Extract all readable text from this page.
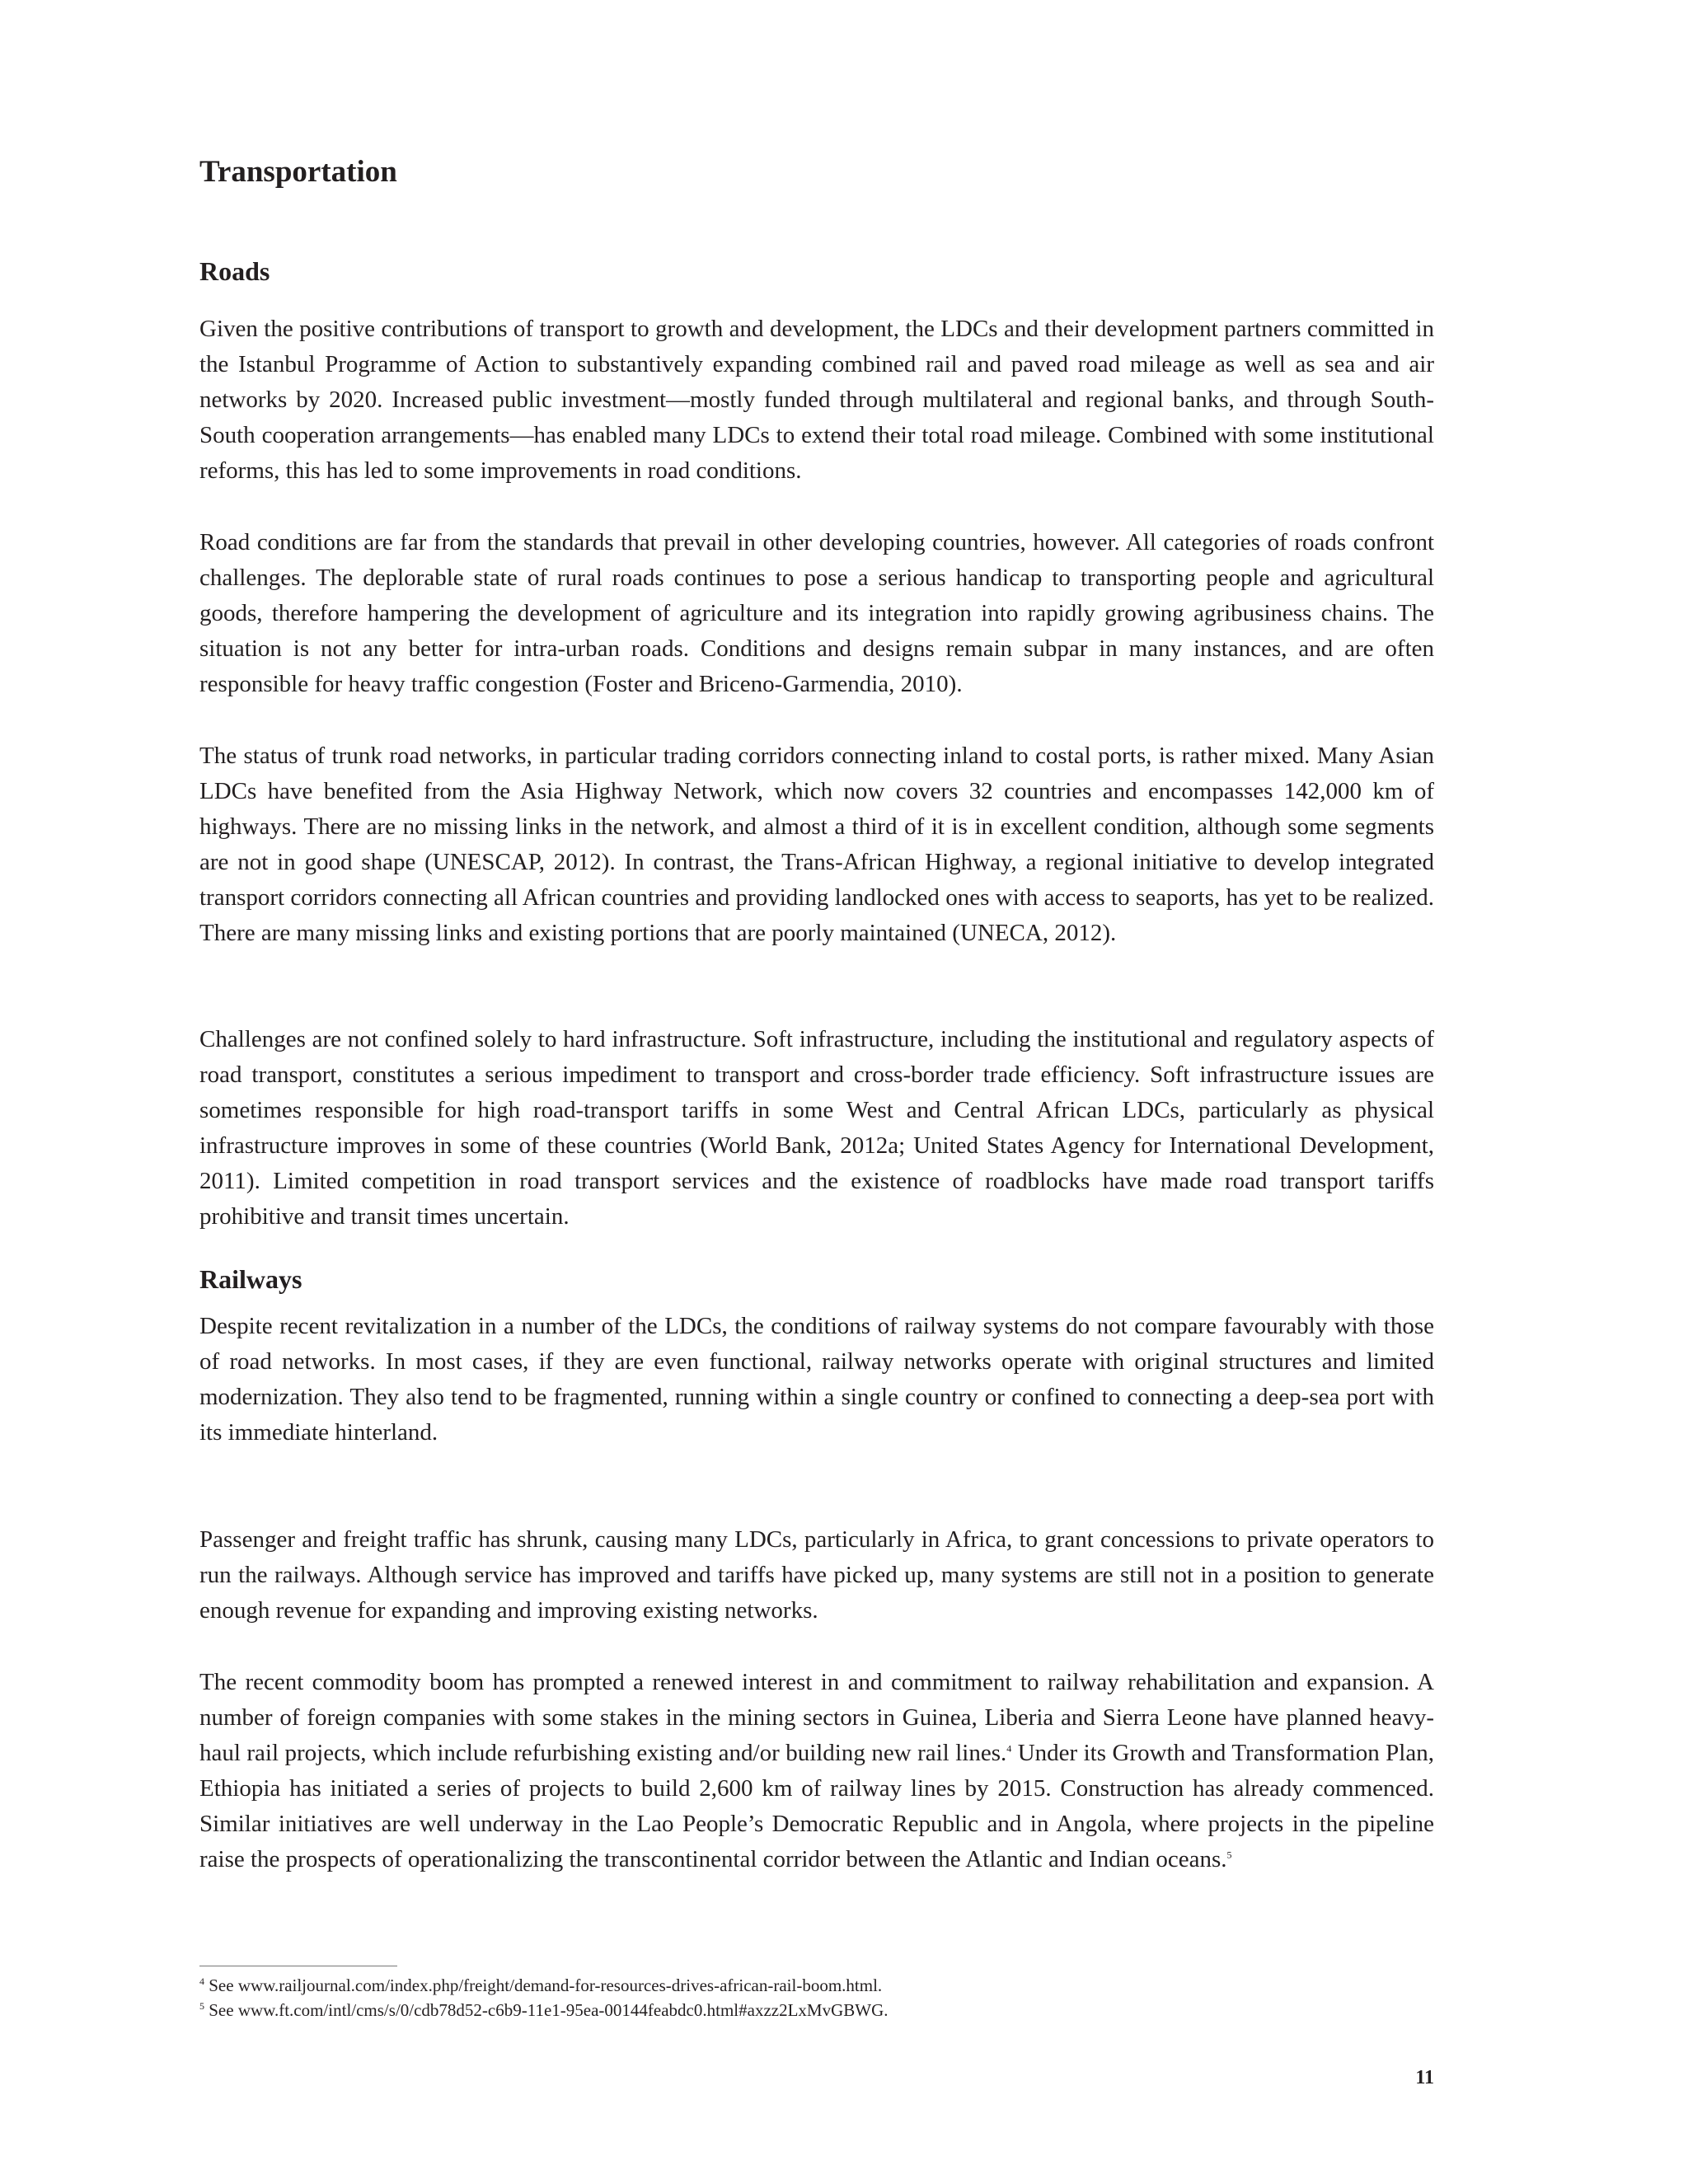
Transportation
Roads

Given the positive contributions of transport to growth and development, the LDCs and their development partners committed in the Istanbul Programme of Action to substantively expanding combined rail and paved road mileage as well as sea and air networks by 2020. Increased public investment—mostly funded through multilateral and regional banks, and through South-South cooperation arrangements—has enabled many LDCs to extend their total road mileage. Combined with some institutional reforms, this has led to some improvements in road conditions.

Road conditions are far from the standards that prevail in other developing countries, however. All categories of roads confront challenges. The deplorable state of rural roads continues to pose a serious handicap to transporting people and agricultural goods, therefore hampering the development of agriculture and its integration into rapidly growing agribusiness chains. The situation is not any better for intra-urban roads. Conditions and designs remain subpar in many instances, and are often responsible for heavy traffic congestion (Foster and Briceno-Garmendia, 2010).

The status of trunk road networks, in particular trading corridors connecting inland to costal ports, is rather mixed. Many Asian LDCs have benefited from the Asia Highway Network, which now covers 32 countries and encompasses 142,000 km of highways. There are no missing links in the network, and almost a third of it is in excellent condition, although some segments are not in good shape (UNESCAP, 2012). In contrast, the Trans-African Highway, a regional initiative to develop integrated transport corridors connecting all African countries and providing landlocked ones with access to seaports, has yet to be realized. There are many missing links and existing portions that are poorly maintained (UNECA, 2012).

Challenges are not confined solely to hard infrastructure. Soft infrastructure, including the institutional and regulatory aspects of road transport, constitutes a serious impediment to transport and cross-border trade efficiency. Soft infrastructure issues are sometimes responsible for high road-transport tariffs in some West and Central African LDCs, particularly as physical infrastructure improves in some of these countries (World Bank, 2012a; United States Agency for International Development, 2011). Limited competition in road transport services and the existence of roadblocks have made road transport tariffs prohibitive and transit times uncertain.

Railways

Despite recent revitalization in a number of the LDCs, the conditions of railway systems do not compare favourably with those of road networks. In most cases, if they are even functional, railway networks operate with original structures and limited modernization. They also tend to be fragmented, running within a single country or confined to connecting a deep-sea port with its immediate hinterland.

Passenger and freight traffic has shrunk, causing many LDCs, particularly in Africa, to grant concessions to private operators to run the railways. Although service has improved and tariffs have picked up, many systems are still not in a position to generate enough revenue for expanding and improving existing networks.

The recent commodity boom has prompted a renewed interest in and commitment to railway rehabilitation and expansion. A number of foreign companies with some stakes in the mining sectors in Guinea, Liberia and Sierra Leone have planned heavy-haul rail projects, which include refurbishing existing and/or building new rail lines.$^4$ Under its Growth and Transformation Plan, Ethiopia has initiated a series of projects to build 2,600 km of railway lines by 2015. Construction has already commenced. Similar initiatives are well underway in the Lao People’s Democratic Republic and in Angola, where projects in the pipeline raise the prospects of operationalizing the transcontinental corridor between the Atlantic and Indian oceans.$^5$

$^4$ See www.railjournal.com/index.php/freight/demand-for-resources-drives-african-rail-boom.html.
$^5$ See www.ft.com/intl/cms/s/0/cdb78d52-c6b9-11e1-95ea-00144feabdc0.html#axzz2LxMvGBWG.
11
